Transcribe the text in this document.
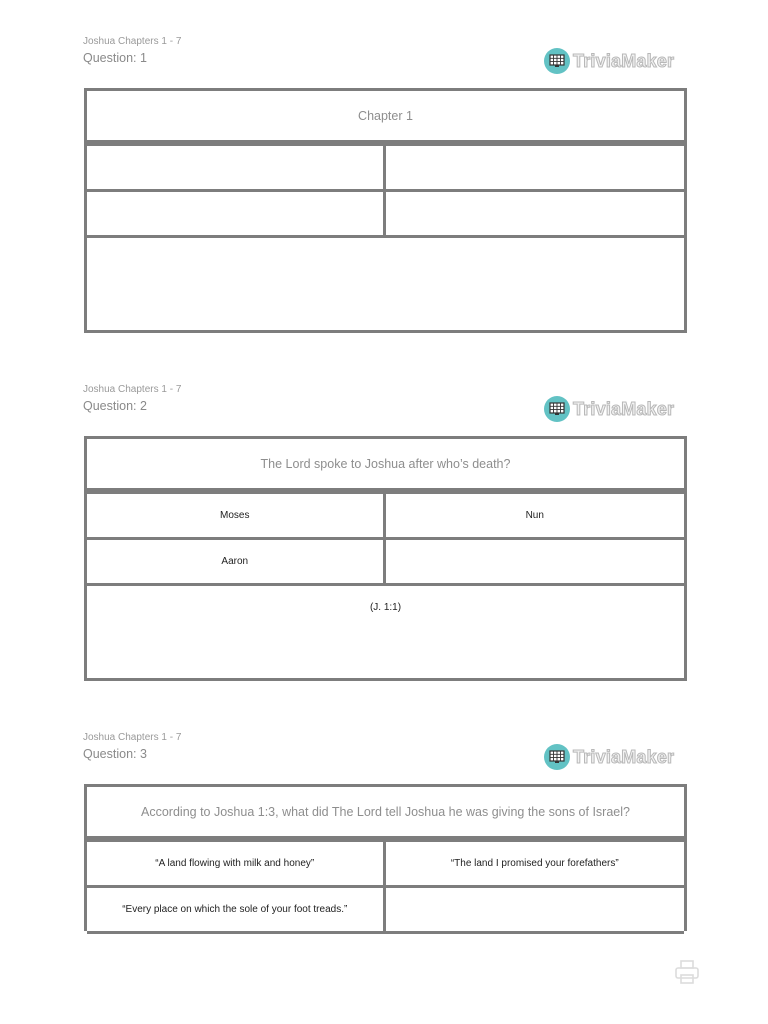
Joshua Chapters 1 - 7
Question: 1	TriviaMaker
Chapter 1
Joshua Chapters 1 - 7
Question: 2	TriviaMaker
The Lord spoke to Joshua after who’s death?
Moses	Nun
Aaron
(J. 1:1)
Joshua Chapters 1 - 7
Question: 3	TriviaMaker
According to Joshua 1:3, what did The Lord tell Joshua he was giving the sons of Israel?
“A land flowing with milk and honey”	“The land I promised your forefathers”
“Every place on which the sole of your foot treads.”
